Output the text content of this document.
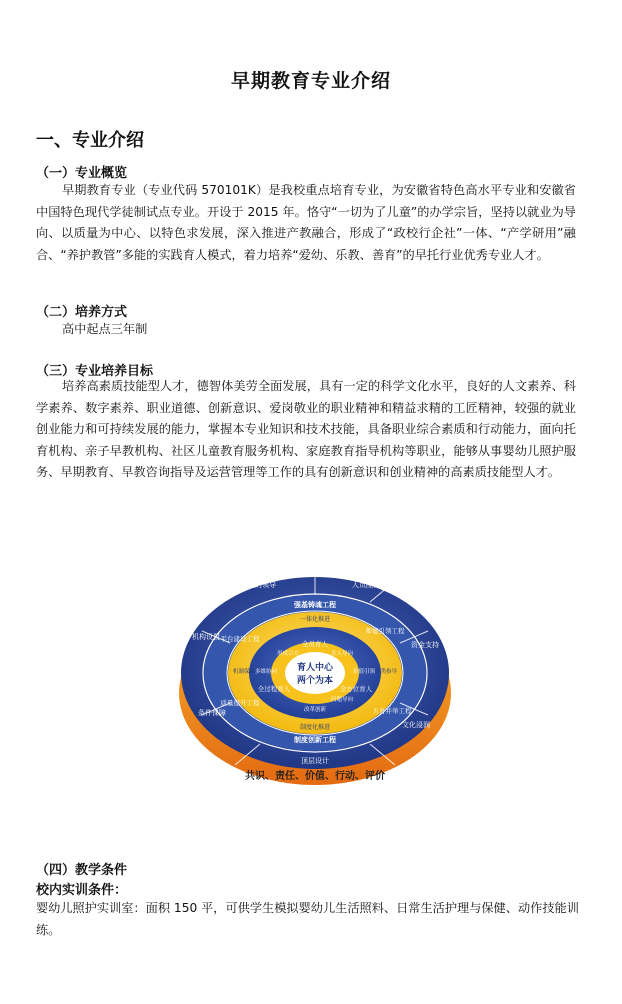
早期教育专业介绍
一、专业介绍
（一）专业概览

早期教育专业（专业代码 570101K）是我校重点培育专业，为安徽省特色高水平专业和安徽省中国特色现代学徒制试点专业。开设于 2015 年。恪守“一切为了儿童”的办学宗旨，坚持以就业为导向、以质量为中心、以特色求发展，深入推进产教融合，形成了“政校行企社”一体、“产学研用”融合、“养护教管”多能的实践育人模式，着力培养“爱幼、乐教、善育”的早托行业优秀专业人才。

（二）培养方式
高中起点三年制
（三）专业培养目标

培养高素质技能型人才，德智体美劳全面发展，具有一定的科学文化水平，良好的人文素养、科学素养、数字素养、职业道德、创新意识、爱岗敬业的职业精神和精益求精的工匠精神，较强的就业创业能力和可持续发展的能力，掌握本专业知识和技术技能，具备职业综合素质和行动能力，面向托育机构、亲子早教机构、社区儿童教育服务机构、家庭教育指导机构等职业，能够从事婴幼儿照护服务、早期教育、早教咨询指导及运营管理等工作的具有创新意识和创业精神的高素质技能型人才。

育人中心
两个为本
全员育人
全过程育人	全方位育人
一体化推进
形成合力
多维协同
改革创新
制度化推进
育人导向
价值引领
问题导向
分类指导
机制保障
强基铸魂工程
师德引领工程
五育并举工程
制度创新工程
质量提升工程
平台建设工程
党的领导	人员配备
资金支持
文化浸润
顶层设计
条件保障
机构设置
共识、责任、价值、行动、评价
（四）教学条件
校内实训条件：

婴幼儿照护实训室：面积 150 平，可供学生模拟婴幼儿生活照料、日常生活护理与保健、动作技能训练。
